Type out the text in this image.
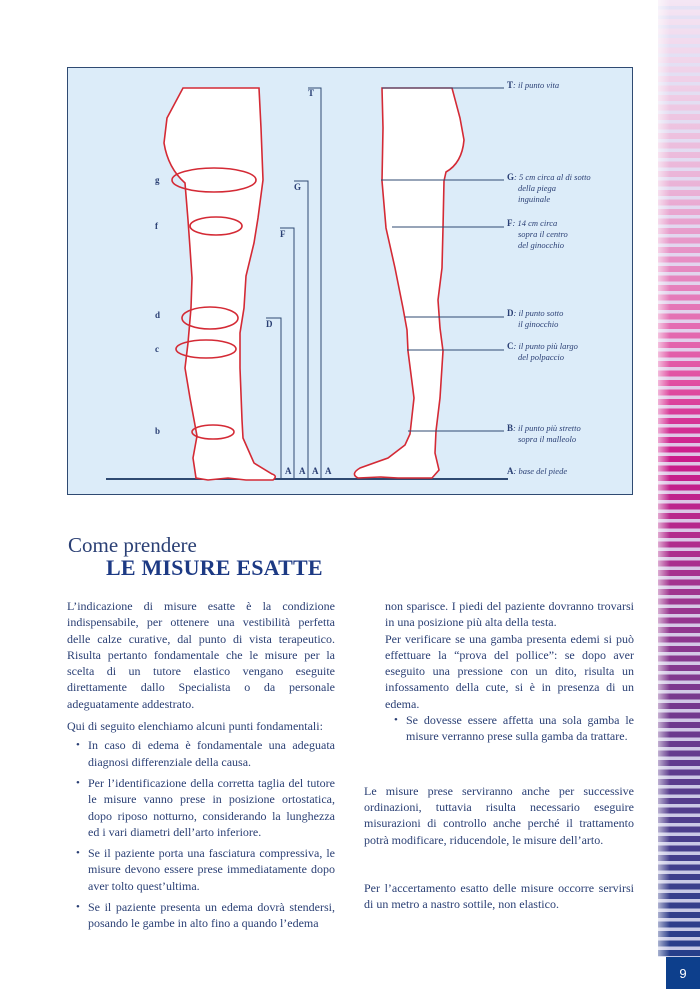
9
g
f
d
c
b
T
G
F
D
A A A A
T: il punto vita
G: 5 cm circa al di sotto
della piega
inguinale
F: 14 cm circa
sopra il centro
del ginocchio
D: il punto sotto
il ginocchio
C: il punto più largo
del polpaccio
B: il punto più stretto
sopra il malleolo
A: base del piede
Come prendere
LE MISURE ESATTE

L’indicazione di misure esatte è la condizione indispensabile, per ottenere una vestibilità perfetta delle calze curative, dal punto di vista terapeutico. Risulta pertanto fondamentale che le misure per la scelta di un tutore elastico vengano eseguite direttamente dallo Specialista o da personale adeguatamente addestrato.

Qui di seguito elenchiamo alcuni punti fondamentali:

• In caso di edema è fondamentale una adeguata diagnosi differenziale della causa.
• Per l’identificazione della corretta taglia del tutore le misure vanno prese in posizione ortostatica, dopo riposo notturno, considerando la lunghezza ed i vari diametri dell’arto inferiore.
• Se il paziente porta una fasciatura compressiva, le misure devono essere prese immediatamente dopo aver tolto quest’ultima.
• Se il paziente presenta un edema dovrà stendersi, posando le gambe in alto fino a quando l’edema

non sparisce. I piedi del paziente dovranno trovarsi in una posizione più alta della testa.

Per verificare se una gamba presenta edemi si può effettuare la “prova del pollice”: se dopo aver eseguito una pressione con un dito, risulta un infossamento della cute, si è in presenza di un edema.

• Se dovesse essere affetta una sola gamba le misure verranno prese sulla gamba da trattare.

Le misure prese serviranno anche per successive ordinazioni, tuttavia risulta necessario eseguire misurazioni di controllo anche perché il trattamento potrà modificare, riducendole, le misure dell’arto.

Per l’accertamento esatto delle misure occorre servirsi di un metro a nastro sottile, non elastico.
